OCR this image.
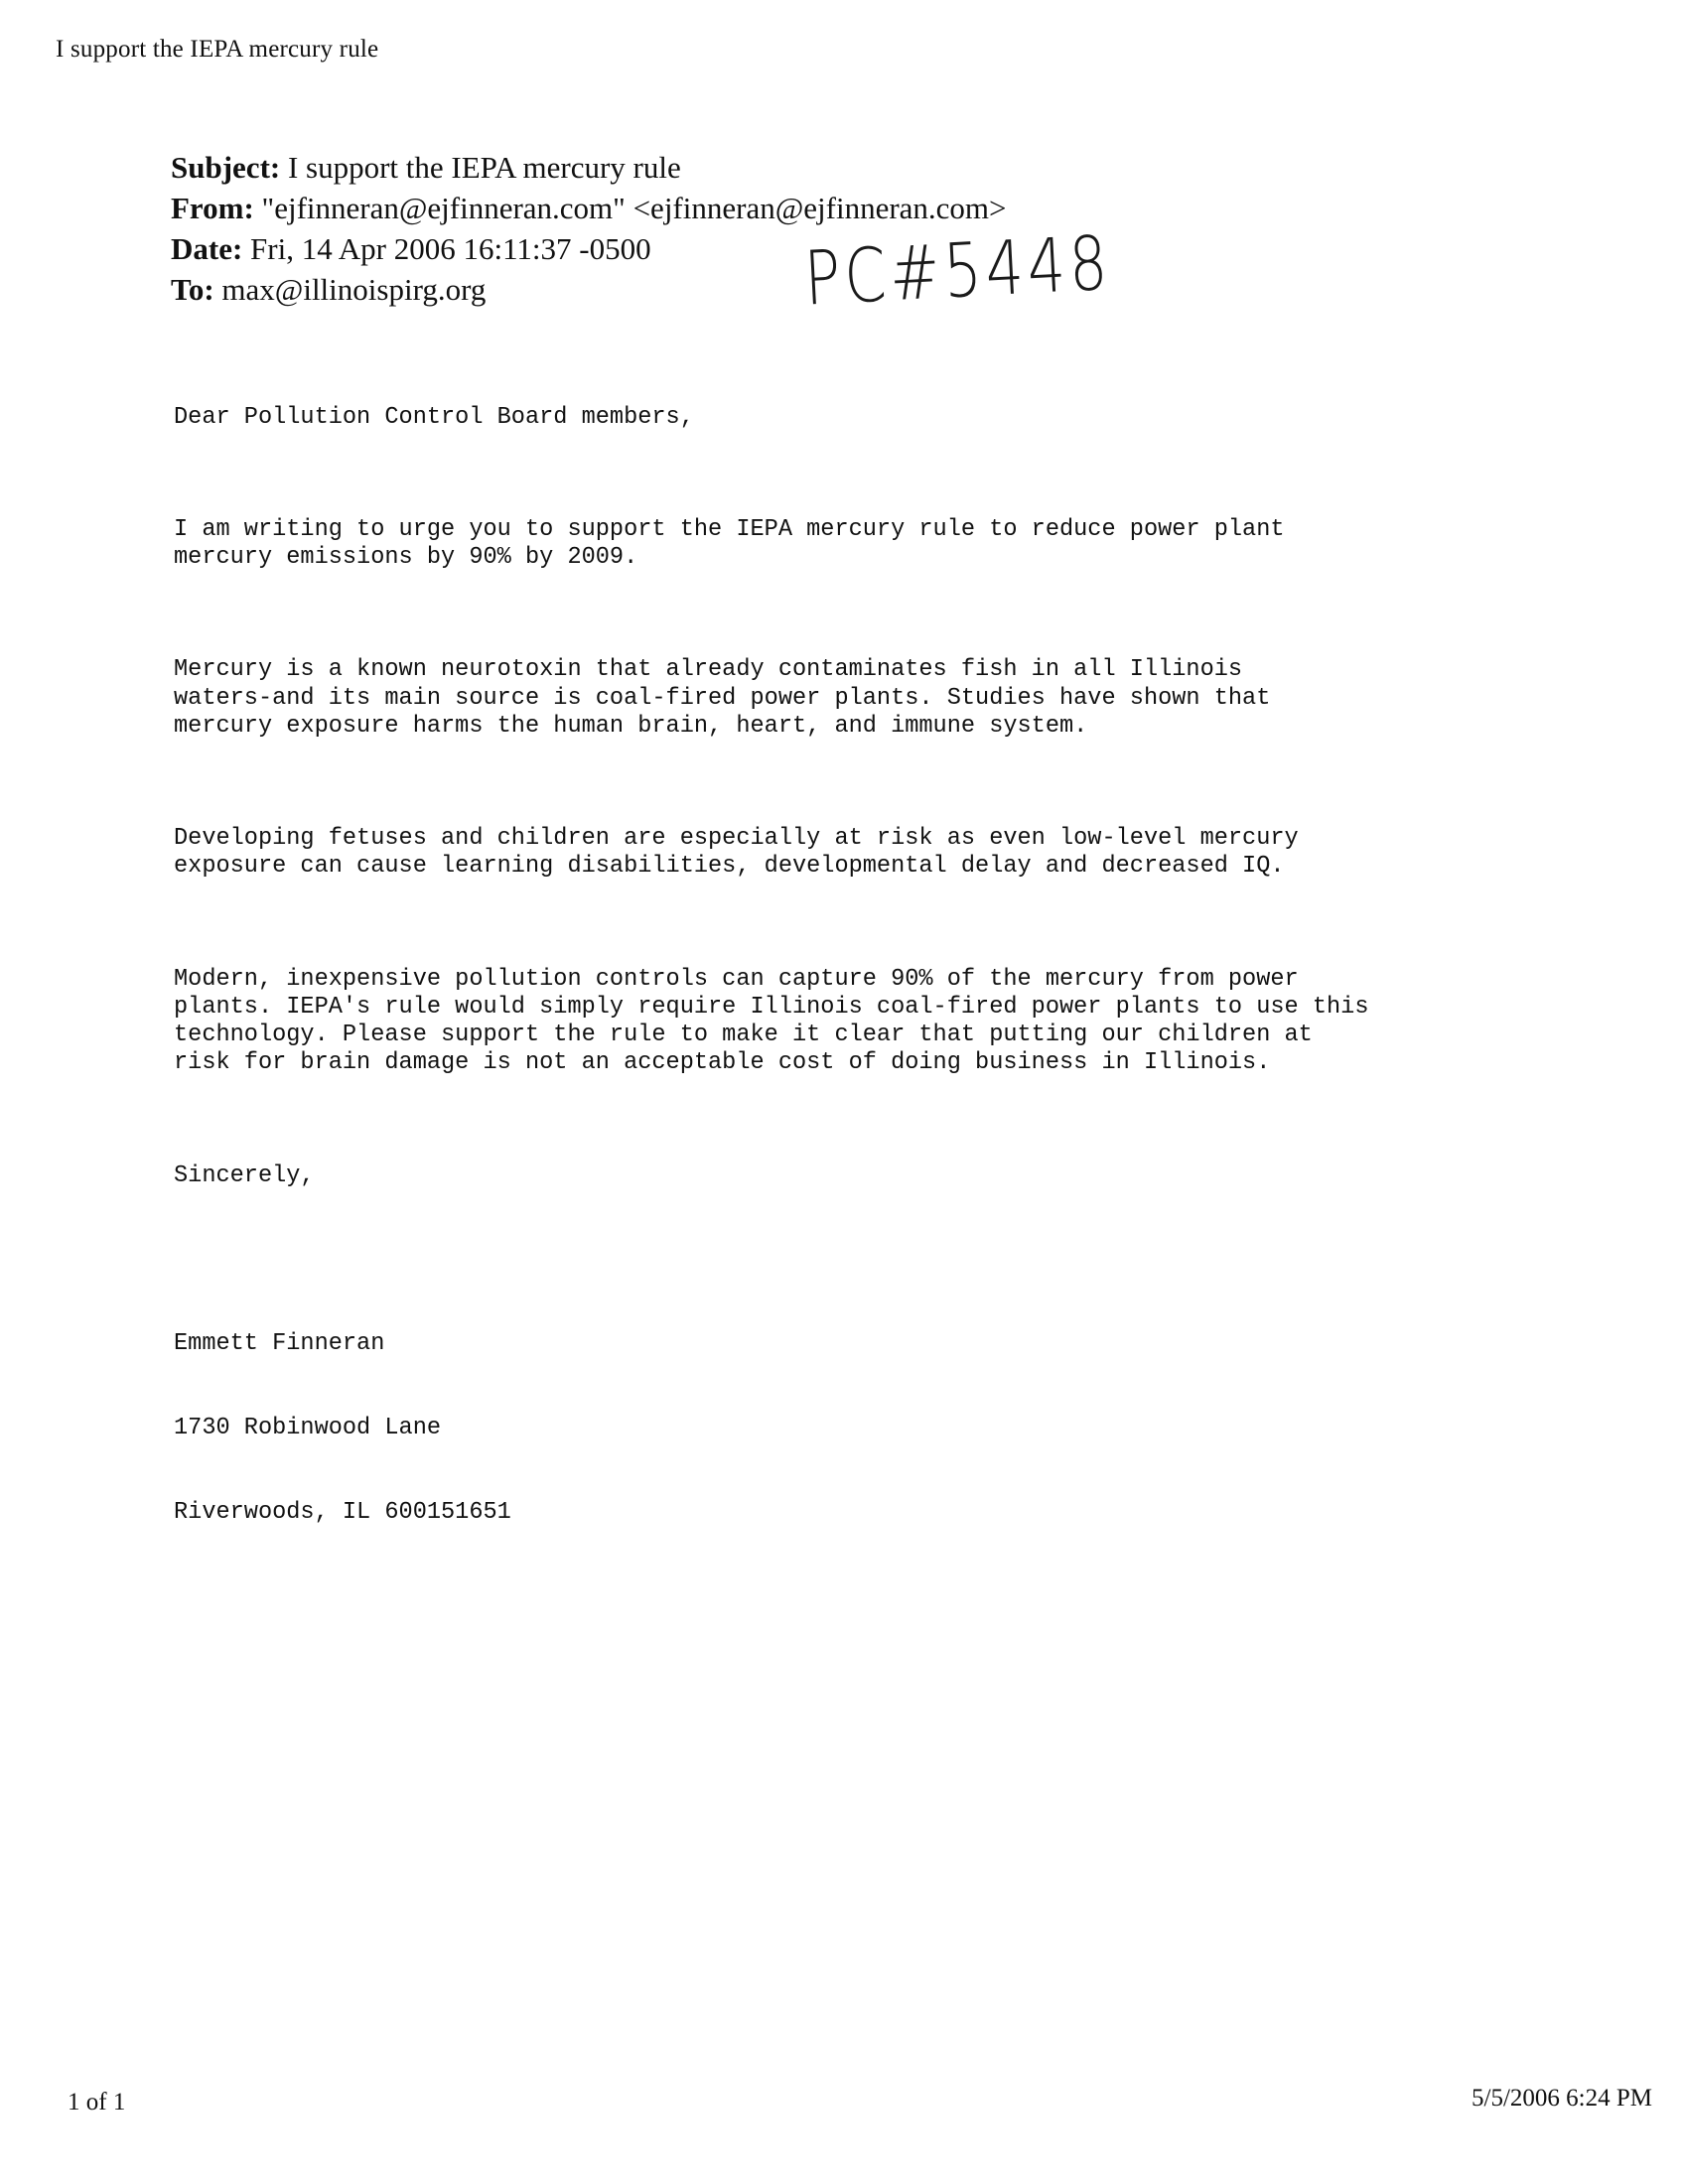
I support the IEPA mercury rule
Subject: I support the IEPA mercury rule
From: "ejfinneran@ejfinneran.com" <ejfinneran@ejfinneran.com>
Date: Fri, 14 Apr 2006 16:11:37 -0500
To: max@illinoispirg.org	PC#5448

Dear Pollution Control Board members,

I am writing to urge you to support the IEPA mercury rule to reduce power plant
mercury emissions by 90% by 2009.

Mercury is a known neurotoxin that already contaminates fish in all Illinois
waters-and its main source is coal-fired power plants. Studies have shown that
mercury exposure harms the human brain, heart, and immune system.

Developing fetuses and children are especially at risk as even low-level mercury
exposure can cause learning disabilities, developmental delay and decreased IQ.

Modern, inexpensive pollution controls can capture 90% of the mercury from power
plants. IEPA's rule would simply require Illinois coal-fired power plants to use this
technology. Please support the rule to make it clear that putting our children at
risk for brain damage is not an acceptable cost of doing business in Illinois.

Sincerely,

Emmett Finneran

1730 Robinwood Lane

Riverwoods, IL 600151651

1 of 1	5/5/2006 6:24 PM
